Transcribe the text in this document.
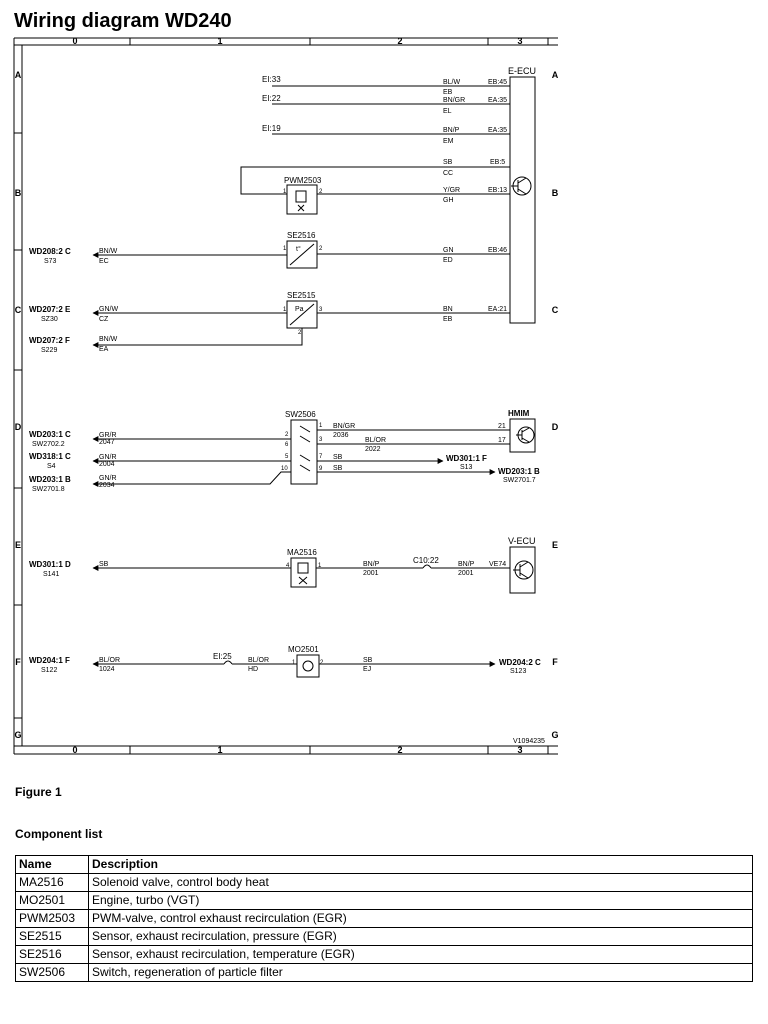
Wiring diagram WD240
0	1	2	3
0	1	2	3
A
B
C
D
E
F
G
A
B
C
D
E
F
G
E-ECU
EI:33	BL/W
EB
EB:45
EI:22	BN/GR
EL
EA:35
EI:19	BN/P
EM
EA:35
SB
CC
EB:5
PWM2503
1	2	Y/GR
GH
EB:13
SE2516
t°
1	2
WD208:2 C
S73
BN/W
EC
GN
ED
EB:46
SE2515
Pa
1	3
2
WD207:2 E
SZ30
GN/W
CZ
BN
EB
EA:21
WD207:2 F
S229
BN/W
EA
HMIM
SW2506
2
1
3
6
5	7
10	9
WD203:1 C
SW2702.2
GR/R
2047
WD318:1 C
S4
GN/R
2004
WD203:1 B
SW2701.8
GN/R
2034
BN/GR
2036
21
BL/OR
2022
17
SB	WD301:1 F
S13
SB	WD203:1 B
SW2701.7
V-ECU
MA2516
4	1
WD301:1 D
S141
SB	BN/P
2001
C10:22	BN/P
2001
VE74
MO2501
1	2
BL/OR
HD
EI:25
WD204:1 F
S122
BL/OR
1024
SB
EJ
WD204:2 C
S123
V1094235
Figure 1
Component list
Name	Description
MA2516	Solenoid valve, control body heat
MO2501	Engine, turbo (VGT)
PWM2503	PWM-valve, control exhaust recirculation (EGR)
SE2515	Sensor, exhaust recirculation, pressure (EGR)
SE2516	Sensor, exhaust recirculation, temperature (EGR)
SW2506	Switch, regeneration of particle filter
